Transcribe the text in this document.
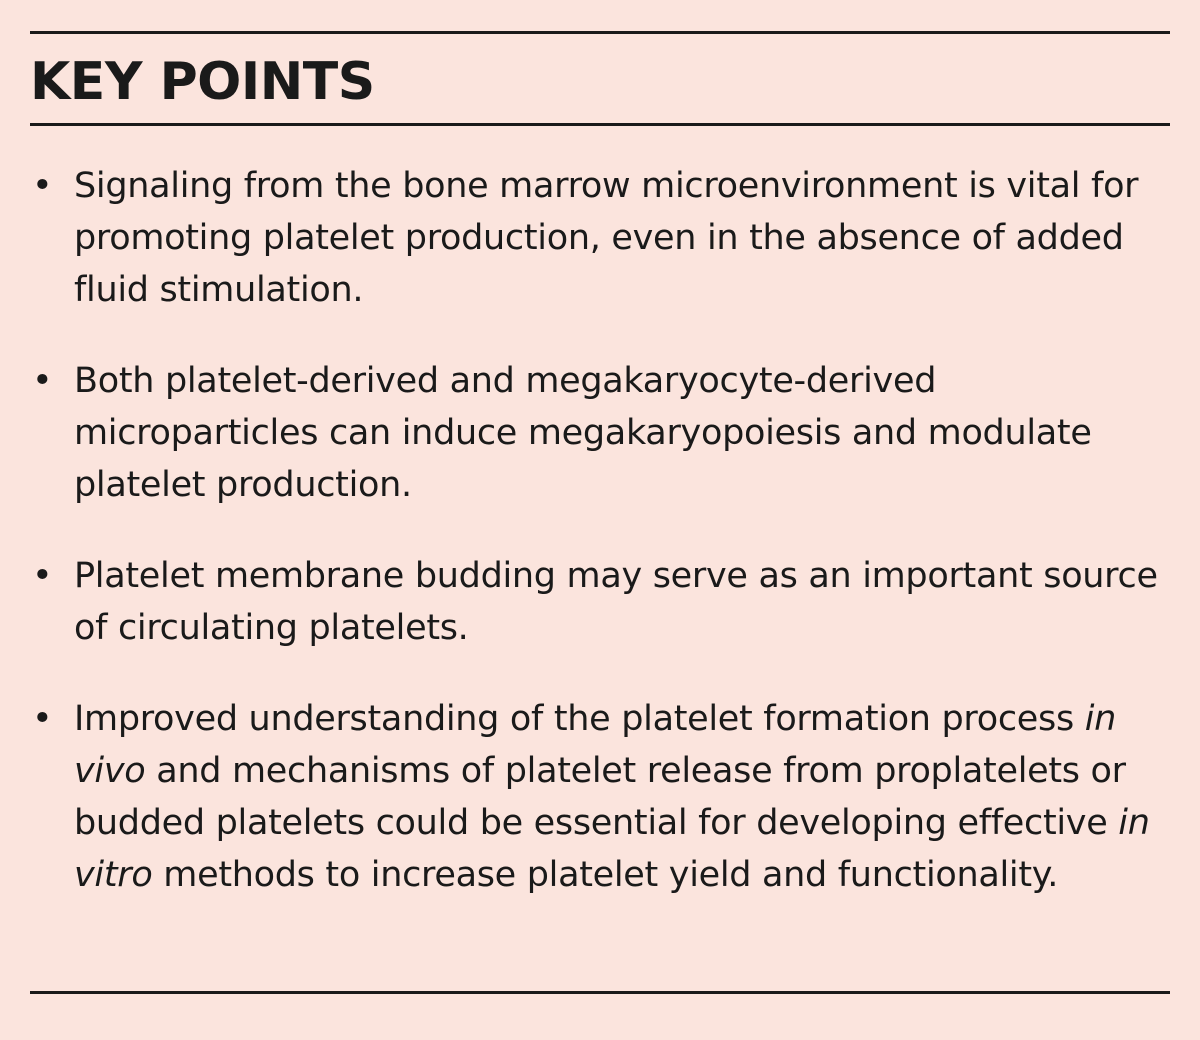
KEY POINTS
• Signaling from the bone marrow microenvironment is vital for promoting platelet production, even in the absence of added fluid stimulation.
• Both platelet-derived and megakaryocyte-derived microparticles can induce megakaryopoiesis and modulate platelet production.
• Platelet membrane budding may serve as an important source of circulating platelets.
• Improved understanding of the platelet formation process in vivo and mechanisms of platelet release from proplatelets or budded platelets could be essential for developing effective in vitro methods to increase platelet yield and functionality.
